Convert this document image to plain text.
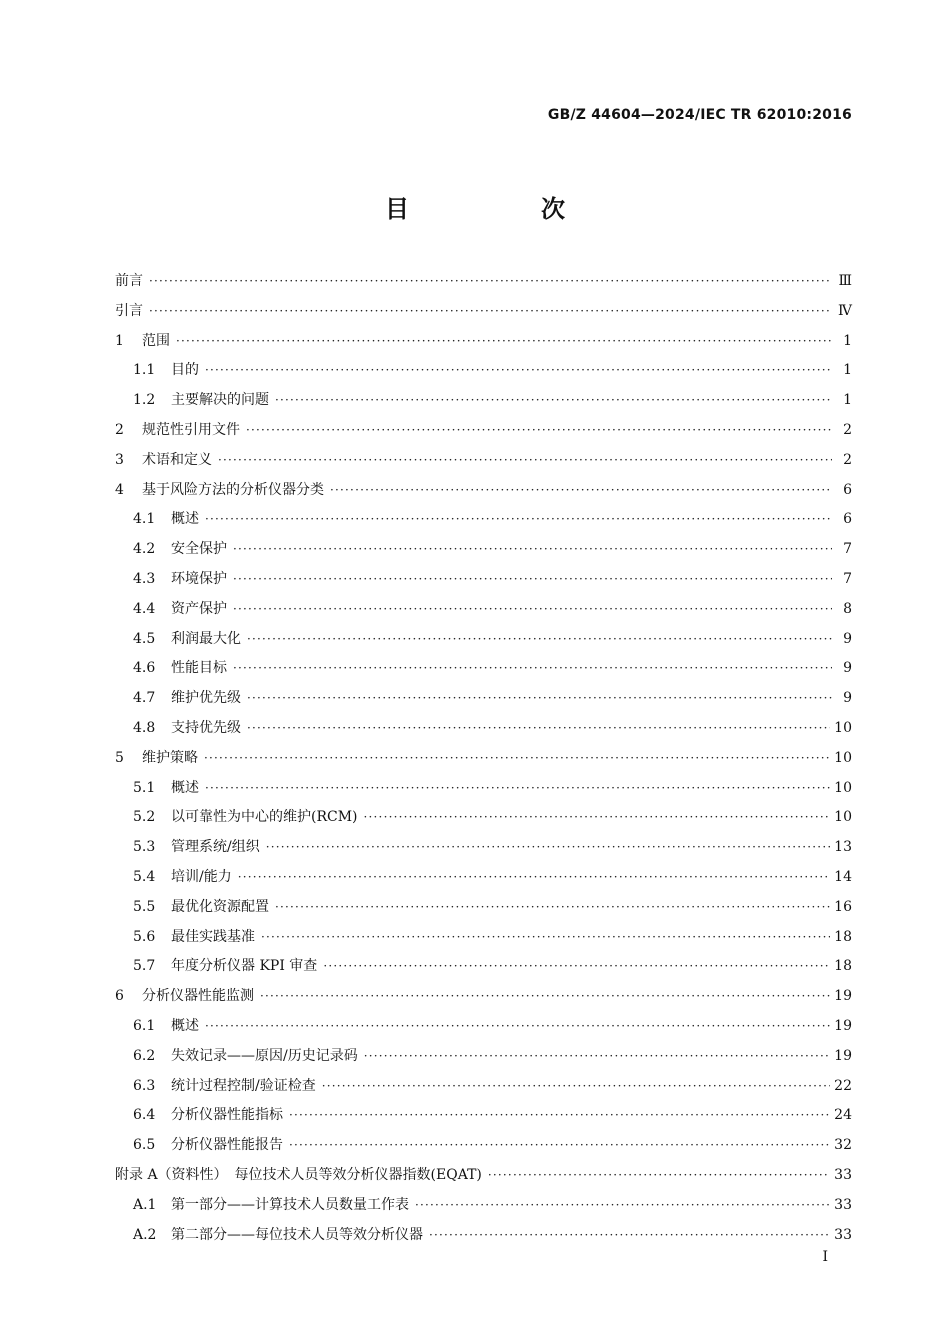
GB/Z 44604—2024/IEC TR 62010:2016
目　次
前言 ·····	Ⅲ
引言 ·····	Ⅳ
1	范围 ·····	1
1.1	目的 ·····	1
1.2	主要解决的问题 ·····	1
2	规范性引用文件 ·····	2
3	术语和定义 ·····	2
4	基于风险方法的分析仪器分类 ·····	6
4.1	概述 ·····	6
4.2	安全保护 ·····	7
4.3	环境保护 ·····	7
4.4	资产保护 ·····	8
4.5	利润最大化 ·····	9
4.6	性能目标 ·····	9
4.7	维护优先级 ·····	9
4.8	支持优先级 ·····	10
5	维护策略 ·····	10
5.1	概述 ·····	10
5.2	以可靠性为中心的维护(RCM) ·····	10
5.3	管理系统/组织 ·····	13
5.4	培训/能力 ·····	14
5.5	最优化资源配置 ·····	16
5.6	最佳实践基准 ·····	18
5.7	年度分析仪器 KPI 审查 ·····	18
6	分析仪器性能监测 ·····	19
6.1	概述 ·····	19
6.2	失效记录——原因/历史记录码 ·····	19
6.3	统计过程控制/验证检查 ·····	22
6.4	分析仪器性能指标 ·····	24
6.5	分析仪器性能报告 ·····	32
附录 A（资料性）　每位技术人员等效分析仪器指数(EQAT) ·····	33
A.1	第一部分——计算技术人员数量工作表 ·····	33
A.2	第二部分——每位技术人员等效分析仪器 ·····	33
I
